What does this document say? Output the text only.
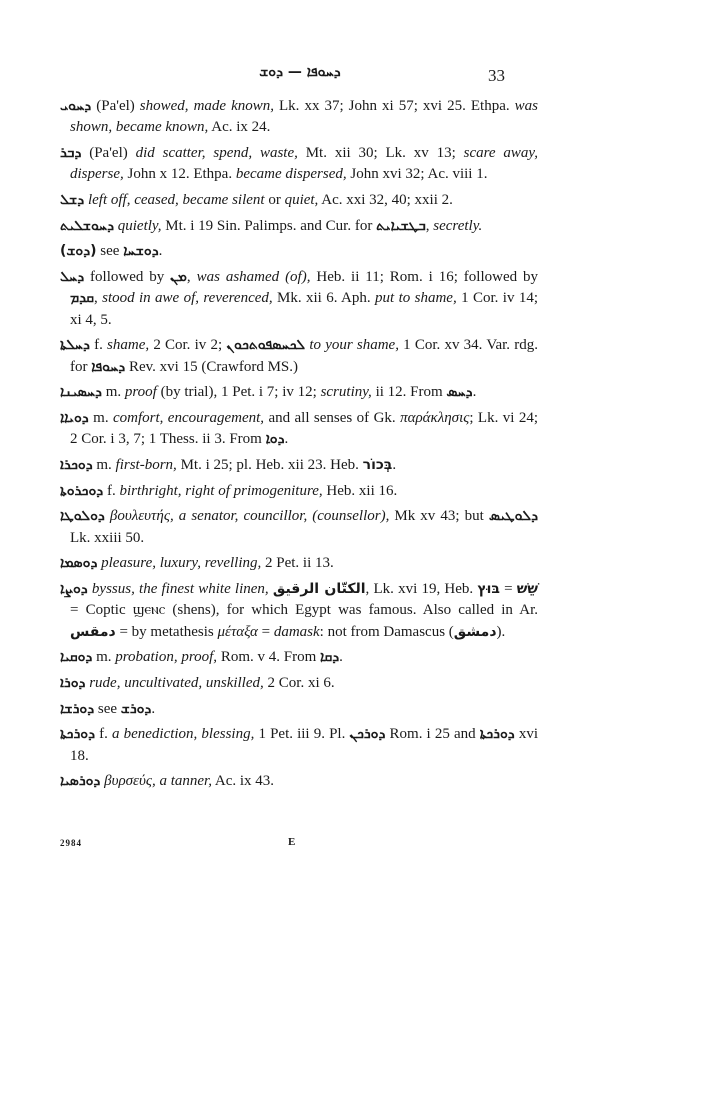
ܕܚܘܦܐ — ܕܘܫ	33

ܕܚܘܝ (Pa'el) showed, made known, Lk. xx 37; John xi 57; xvi 25. Ethpa. was shown, became known, Ac. ix 24.

ܕܒܪ (Pa'el) did scatter, spend, waste, Mt. xii 30; Lk. xv 13; scare away, disperse, John x 12. Ethpa. became dispersed, John xvi 32; Ac. viii 1.

ܕܫܠ left off, ceased, became silent or quiet, Ac. xxi 32, 40; xxii 2.

ܕܚܘܫܠܝܬ quietly, Mt. i 19 Sin. Palimps. and Cur. for ܒܛܫܝܐܝܬ, secretly.

(ܕܘܫ) see ܕܘܫܚܐ.

ܕܚܠ followed by ܡܢ, was ashamed (of), Heb. ii 11; Rom. i 16; followed by ܩܕܡ, stood in awe of, reverenced, Mk. xii 6. Aph. put to shame, 1 Cor. iv 14; xi 4, 5.

ܕܚܠܬܐ f. shame, 2 Cor. iv 2; ܠܟܚܣܦܘܬܟܘܢ to your shame, 1 Cor. xv 34. Var. rdg. for ܕܚܘܦܐ Rev. xvi 15 (Crawford MS.)

ܕܚܣܝܢܐ m. proof (by trial), 1 Pet. i 7; iv 12; scrutiny, ii 12. From ܕܚܣ.

ܕܘܝܐܐ m. comfort, encouragement, and all senses of Gk. παράκλησις; Lk. vi 24; 2 Cor. i 3, 7; 1 Thess. ii 3. From ܕܘܐ.

ܕܘܟܪܐ m. first-born, Mt. i 25; pl. Heb. xii 23. Heb. בְּכוֹר.

ܕܘܟܪܘܬܐ f. birthright, right of primogeniture, Heb. xii 16.

ܕܘܠܘܛܐ βουλευτής, a senator, councillor, (counsellor), Mk xv 43; but ܕܠܘܛܝܣ Lk. xxiii 50.

ܕܘܣܡܐ pleasure, luxury, revelling, 2 Pet. ii 13.

ܕܘܨܐ byssus, the finest white linen, الكتّان الرقيق, Lk. xvi 19, Heb. בּוּץ = שֵׁשׁ = Coptic ϣⲉⲛⲥ (shens), for which Egypt was famous. Also called in Ar. دمقس = by metathesis μέταξα = damask: not from Damascus (دمشق).

ܕܘܩܝܐ m. probation, proof, Rom. v 4. From ܕܩܐ.

ܕܘܪܐ rude, uncultivated, unskilled, 2 Cor. xi 6.

ܕܘܪܫܐ see ܕܘܪܫ.

ܕܘܪܟܬܐ f. a benediction, blessing, 1 Pet. iii 9. Pl. ܕܘܪܟܢ Rom. i 25 and ܕܘܪܟܬܐ xvi 18.

ܕܘܪܣܝܐ βυρσεύς, a tanner, Ac. ix 43.

2984	E
